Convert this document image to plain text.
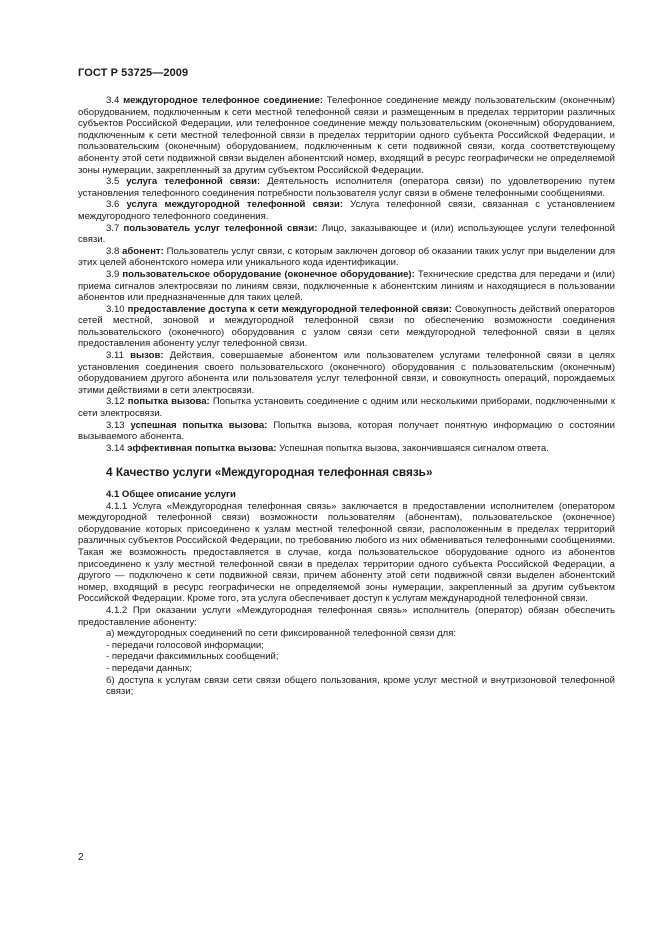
ГОСТ Р 53725—2009

3.4 междугородное телефонное соединение: Телефонное соединение между пользовательским (оконечным) оборудованием, подключенным к сети местной телефонной связи и размещенным в пределах территории различных субъектов Российской Федерации, или телефонное соединение между пользовательским (оконечным) оборудованием, подключенным к сети местной телефонной связи в пределах территории одного субъекта Российской Федерации, и пользовательским (оконечным) оборудованием, подключенным к сети подвижной связи, когда соответствующему абоненту этой сети подвижной связи выделен абонентский номер, входящий в ресурс географически не определяемой зоны нумерации, закрепленный за другим субъектом Российской Федерации.

3.5 услуга телефонной связи: Деятельность исполнителя (оператора связи) по удовлетворению путем установления телефонного соединения потребности пользователя услуг связи в обмене телефонными сообщениями.

3.6 услуга междугородной телефонной связи: Услуга телефонной связи, связанная с установлением междугородного телефонного соединения.

3.7 пользователь услуг телефонной связи: Лицо, заказывающее и (или) использующее услуги телефонной связи.

3.8 абонент: Пользователь услуг связи, с которым заключен договор об оказании таких услуг при выделении для этих целей абонентского номера или уникального кода идентификации.

3.9 пользовательское оборудование (оконечное оборудование): Технические средства для передачи и (или) приема сигналов электросвязи по линиям связи, подключенные к абонентским линиям и находящиеся в пользовании абонентов или предназначенные для таких целей.

3.10 предоставление доступа к сети междугородной телефонной связи: Совокупность действий операторов сетей местной, зоновой и междугородной телефонной связи по обеспечению возможности соединения пользовательского (оконечного) оборудования с узлом связи сети междугородной телефонной связи в целях предоставления абоненту услуг телефонной связи.

3.11 вызов: Действия, совершаемые абонентом или пользователем услугами телефонной связи в целях установления соединения своего пользовательского (оконечного) оборудования с пользовательским (оконечным) оборудованием другого абонента или пользователя услуг телефонной связи, и совокупность операций, порождаемых этими действиями в сети электросвязи.

3.12 попытка вызова: Попытка установить соединение с одним или несколькими приборами, подключенными к сети электросвязи.

3.13 успешная попытка вызова: Попытка вызова, которая получает понятную информацию о состоянии вызываемого абонента.

3.14 эффективная попытка вызова: Успешная попытка вызова, закончившаяся сигналом ответа.

4 Качество услуги «Междугородная телефонная связь»

4.1 Общее описание услуги

4.1.1 Услуга «Междугородная телефонная связь» заключается в предоставлении исполнителем (оператором междугородной телефонной связи) возможности пользователям (абонентам), пользовательское (оконечное) оборудование которых присоединено к узлам местной телефонной связи, расположенным в пределах территорий различных субъектов Российской Федерации, по требованию любого из них обмениваться телефонными сообщениями. Такая же возможность предоставляется в случае, когда пользовательское оборудование одного из абонентов присоединено к узлу местной телефонной связи в пределах территории одного субъекта Российской Федерации, а другого — подключено к сети подвижной связи, причем абоненту этой сети подвижной связи выделен абонентский номер, входящий в ресурс географически не определяемой зоны нумерации, закрепленный за другим субъектом Российской Федерации. Кроме того, эта услуга обеспечивает доступ к услугам международной телефонной связи.

4.1.2 При оказании услуги «Междугородная телефонная связь» исполнитель (оператор) обязан обеспечить предоставление абоненту:

а) междугородных соединений по сети фиксированной телефонной связи для:

- передачи голосовой информации;

- передачи факсимильных сообщений;

- передачи данных;

б) доступа к услугам связи сети связи общего пользования, кроме услуг местной и внутризоновой телефонной связи;

2
